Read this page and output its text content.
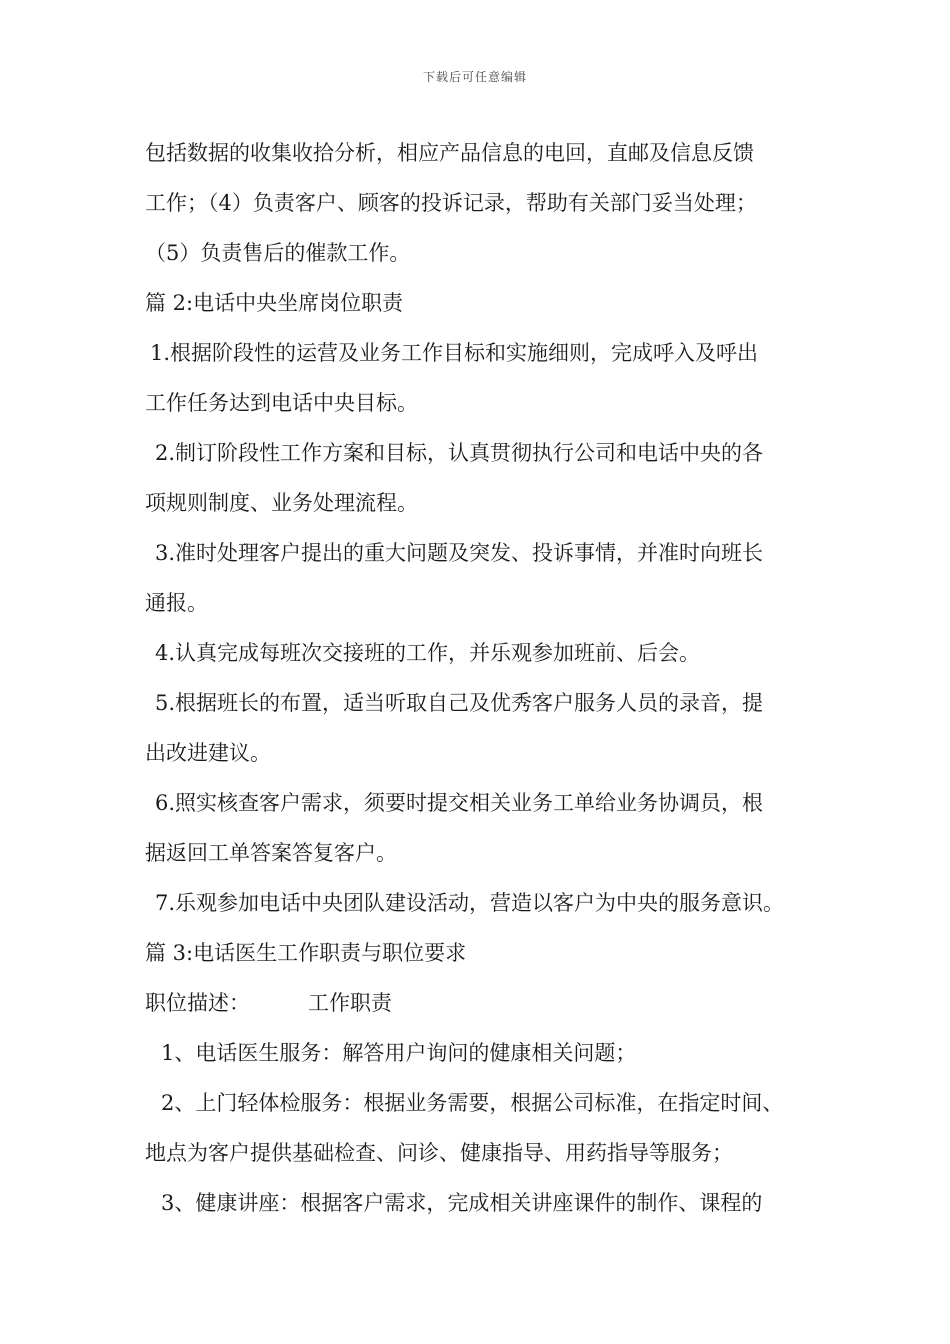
下载后可任意编辑
包括数据的收集收拾分析，相应产品信息的电回，直邮及信息反馈
工作；（4）负责客户、顾客的投诉记录，帮助有关部门妥当处理；
（5）负责售后的催款工作。
篇 2:电话中央坐席岗位职责
1.根据阶段性的运营及业务工作目标和实施细则，完成呼入及呼出
工作任务达到电话中央目标。
2.制订阶段性工作方案和目标，认真贯彻执行公司和电话中央的各
项规则制度、业务处理流程。
3.准时处理客户提出的重大问题及突发、投诉事情，并准时向班长
通报。
4.认真完成每班次交接班的工作，并乐观参加班前、后会。
5.根据班长的布置，适当听取自己及优秀客户服务人员的录音，提
出改进建议。
6.照实核查客户需求，须要时提交相关业务工单给业务协调员，根
据返回工单答案答复客户。
7.乐观参加电话中央团队建设活动，营造以客户为中央的服务意识。
篇 3:电话医生工作职责与职位要求
职位描述：	工作职责
1、电话医生服务：解答用户询问的健康相关问题；
2、上门轻体检服务：根据业务需要，根据公司标准，在指定时间、
地点为客户提供基础检查、问诊、健康指导、用药指导等服务；
3、健康讲座：根据客户需求，完成相关讲座课件的制作、课程的
